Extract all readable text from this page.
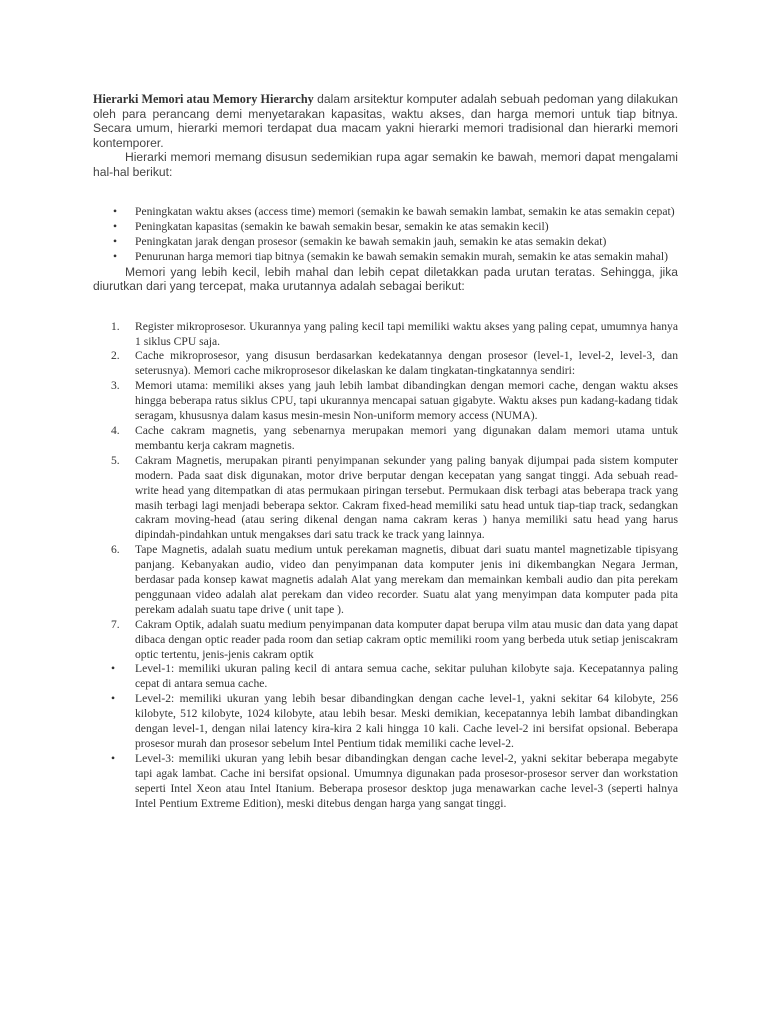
Hierarki Memori atau Memory Hierarchy dalam arsitektur komputer adalah sebuah pedoman yang dilakukan oleh para perancang demi menyetarakan kapasitas, waktu akses, dan harga memori untuk tiap bitnya. Secara umum, hierarki memori terdapat dua macam yakni hierarki memori tradisional dan hierarki memori kontemporer.

Hierarki memori memang disusun sedemikian rupa agar semakin ke bawah, memori dapat mengalami hal-hal berikut:

• Peningkatan waktu akses (access time) memori (semakin ke bawah semakin lambat, semakin ke atas semakin cepat)
• Peningkatan kapasitas (semakin ke bawah semakin besar, semakin ke atas semakin kecil)
• Peningkatan jarak dengan prosesor (semakin ke bawah semakin jauh, semakin ke atas semakin dekat)
• Penurunan harga memori tiap bitnya (semakin ke bawah semakin semakin murah, semakin ke atas semakin mahal)

Memori yang lebih kecil, lebih mahal dan lebih cepat diletakkan pada urutan teratas. Sehingga, jika diurutkan dari yang tercepat, maka urutannya adalah sebagai berikut:

1. Register mikroprosesor. Ukurannya yang paling kecil tapi memiliki waktu akses yang paling cepat, umumnya hanya 1 siklus CPU saja.
2. Cache mikroprosesor, yang disusun berdasarkan kedekatannya dengan prosesor (level-1, level-2, level-3, dan seterusnya). Memori cache mikroprosesor dikelaskan ke dalam tingkatan-tingkatannya sendiri:
3. Memori utama: memiliki akses yang jauh lebih lambat dibandingkan dengan memori cache, dengan waktu akses hingga beberapa ratus siklus CPU, tapi ukurannya mencapai satuan gigabyte. Waktu akses pun kadang-kadang tidak seragam, khususnya dalam kasus mesin-mesin Non-uniform memory access (NUMA).
4. Cache cakram magnetis, yang sebenarnya merupakan memori yang digunakan dalam memori utama untuk membantu kerja cakram magnetis.
5. Cakram Magnetis, merupakan piranti penyimpanan sekunder yang paling banyak dijumpai pada sistem komputer modern. Pada saat disk digunakan, motor drive berputar dengan kecepatan yang sangat tinggi. Ada sebuah read-write head yang ditempatkan di atas permukaan piringan tersebut. Permukaan disk terbagi atas beberapa track yang masih terbagi lagi menjadi beberapa sektor. Cakram fixed-head memiliki satu head untuk tiap-tiap track, sedangkan cakram moving-head (atau sering dikenal dengan nama cakram keras ) hanya memiliki satu head yang harus dipindah-pindahkan untuk mengakses dari satu track ke track yang lainnya.
6. Tape Magnetis, adalah suatu medium untuk perekaman magnetis, dibuat dari suatu mantel magnetizable tipisyang panjang. Kebanyakan audio, video dan penyimpanan data komputer jenis ini dikembangkan Negara Jerman, berdasar pada konsep kawat magnetis adalah Alat yang merekam dan memainkan kembali audio dan pita perekam penggunaan video adalah alat perekam dan video recorder. Suatu alat yang menyimpan data komputer pada pita perekam adalah suatu tape drive ( unit tape ).
7. Cakram Optik, adalah suatu medium penyimpanan data komputer dapat berupa vilm atau music dan data yang dapat dibaca dengan optic reader pada room dan setiap cakram optic memiliki room yang berbeda utuk setiap jeniscakram optic tertentu, jenis-jenis cakram optik
• Level-1: memiliki ukuran paling kecil di antara semua cache, sekitar puluhan kilobyte saja. Kecepatannya paling cepat di antara semua cache.
• Level-2: memiliki ukuran yang lebih besar dibandingkan dengan cache level-1, yakni sekitar 64 kilobyte, 256 kilobyte, 512 kilobyte, 1024 kilobyte, atau lebih besar. Meski demikian, kecepatannya lebih lambat dibandingkan dengan level-1, dengan nilai latency kira-kira 2 kali hingga 10 kali. Cache level-2 ini bersifat opsional. Beberapa prosesor murah dan prosesor sebelum Intel Pentium tidak memiliki cache level-2.
• Level-3: memiliki ukuran yang lebih besar dibandingkan dengan cache level-2, yakni sekitar beberapa megabyte tapi agak lambat. Cache ini bersifat opsional. Umumnya digunakan pada prosesor-prosesor server dan workstation seperti Intel Xeon atau Intel Itanium. Beberapa prosesor desktop juga menawarkan cache level-3 (seperti halnya Intel Pentium Extreme Edition), meski ditebus dengan harga yang sangat tinggi.
